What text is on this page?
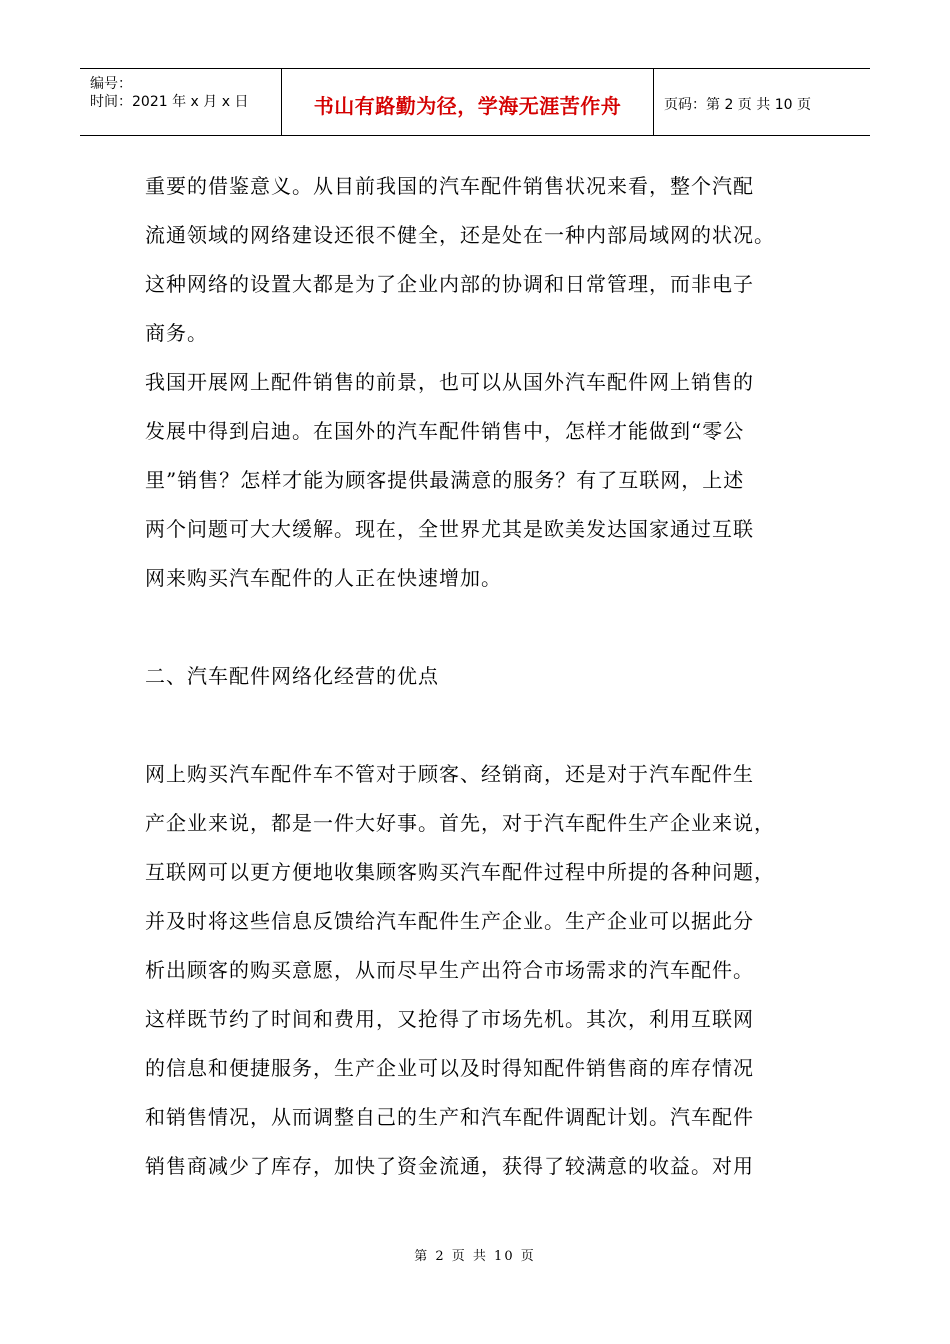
编号：
时间：2021 年 x 月 x 日	书山有路勤为径，学海无涯苦作舟	页码：第 2 页 共 10 页

重要的借鉴意义。从目前我国的汽车配件销售状况来看，整个汽配

流通领域的网络建设还很不健全，还是处在一种内部局域网的状况。

这种网络的设置大都是为了企业内部的协调和日常管理，而非电子

商务。

我国开展网上配件销售的前景，也可以从国外汽车配件网上销售的

发展中得到启迪。在国外的汽车配件销售中，怎样才能做到“零公

里”销售？怎样才能为顾客提供最满意的服务？有了互联网，上述

两个问题可大大缓解。现在，全世界尤其是欧美发达国家通过互联

网来购买汽车配件的人正在快速增加。

二、汽车配件网络化经营的优点

网上购买汽车配件车不管对于顾客、经销商，还是对于汽车配件生

产企业来说，都是一件大好事。首先，对于汽车配件生产企业来说，

互联网可以更方便地收集顾客购买汽车配件过程中所提的各种问题，

并及时将这些信息反馈给汽车配件生产企业。生产企业可以据此分

析出顾客的购买意愿，从而尽早生产出符合市场需求的汽车配件。

这样既节约了时间和费用，又抢得了市场先机。其次，利用互联网

的信息和便捷服务，生产企业可以及时得知配件销售商的库存情况

和销售情况，从而调整自己的生产和汽车配件调配计划。汽车配件

销售商减少了库存，加快了资金流通，获得了较满意的收益。对用

第 2 页 共 10 页
